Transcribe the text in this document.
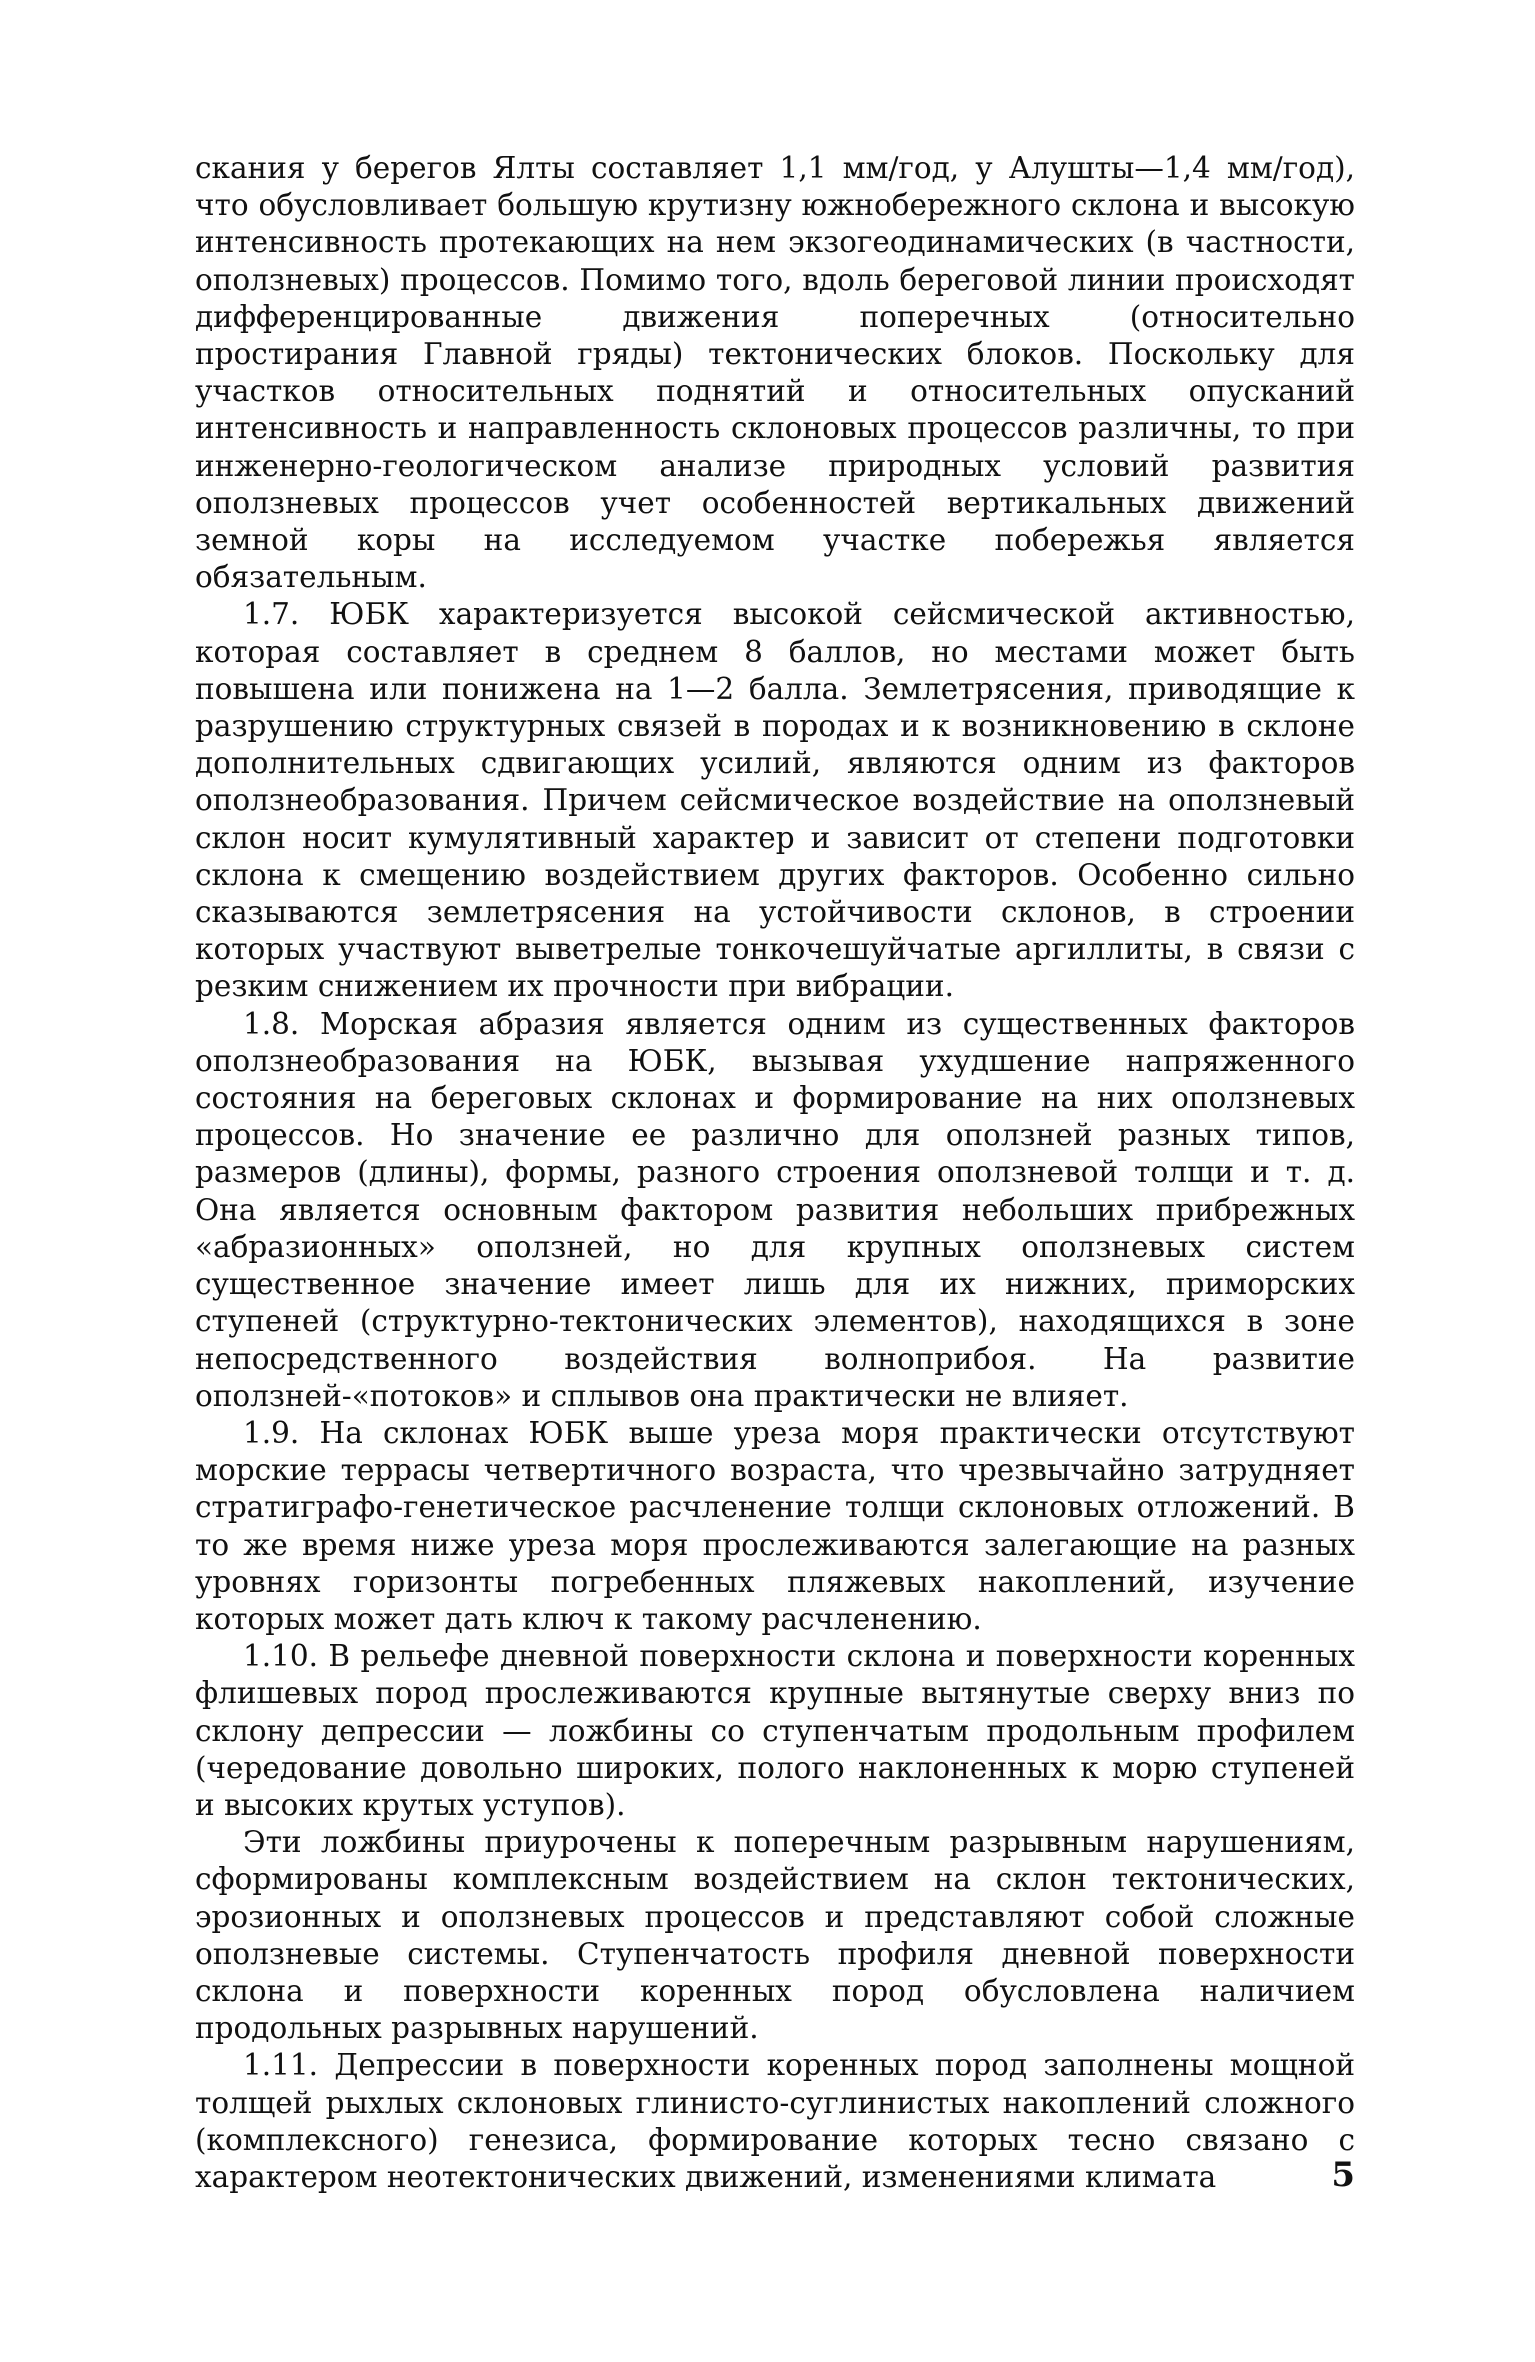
скания у берегов Ялты составляет 1,1 мм/год, у Алушты—1,4 мм/год), что обусловливает большую крутизну южнобережного склона и высокую интенсивность протекающих на нем экзогеодинамических (в частности, оползневых) процессов. Помимо того, вдоль береговой линии происходят дифференцированные движения поперечных (относительно простирания Главной гряды) тектонических блоков. Поскольку для участков относительных поднятий и относительных опусканий интенсивность и направленность склоновых процессов различны, то при инженерно-геологическом анализе природных условий развития оползневых процессов учет особенностей вертикальных движений земной коры на исследуемом участке побережья является обязательным.

1.7. ЮБК характеризуется высокой сейсмической активностью, которая составляет в среднем 8 баллов, но местами может быть повышена или понижена на 1—2 балла. Землетрясения, приводящие к разрушению структурных связей в породах и к возникновению в склоне дополнительных сдвигающих усилий, являются одним из факторов оползнеобразования. Причем сейсмическое воздействие на оползневый склон носит кумулятивный характер и зависит от степени подготовки склона к смещению воздействием других факторов. Особенно сильно сказываются землетрясения на устойчивости склонов, в строении которых участвуют выветрелые тонкочешуйчатые аргиллиты, в связи с резким снижением их прочности при вибрации.

1.8. Морская абразия является одним из существенных факторов оползнеобразования на ЮБК, вызывая ухудшение напряженного состояния на береговых склонах и формирование на них оползневых процессов. Но значение ее различно для оползней разных типов, размеров (длины), формы, разного строения оползневой толщи и т. д. Она является основным фактором развития небольших прибрежных «абразионных» оползней, но для крупных оползневых систем существенное значение имеет лишь для их нижних, приморских ступеней (структурно-тектонических элементов), находящихся в зоне непосредственного воздействия волноприбоя. На развитие оползней-«потоков» и сплывов она практически не влияет.

1.9. На склонах ЮБК выше уреза моря практически отсутствуют морские террасы четвертичного возраста, что чрезвычайно затрудняет стратиграфо-генетическое расчленение толщи склоновых отложений. В то же время ниже уреза моря прослеживаются залегающие на разных уровнях горизонты погребенных пляжевых накоплений, изучение которых может дать ключ к такому расчленению.

1.10. В рельефе дневной поверхности склона и поверхности коренных флишевых пород прослеживаются крупные вытянутые сверху вниз по склону депрессии — ложбины со ступенчатым продольным профилем (чередование довольно широких, полого наклоненных к морю ступеней и высоких крутых уступов).

Эти ложбины приурочены к поперечным разрывным нарушениям, сформированы комплексным воздействием на склон тектонических, эрозионных и оползневых процессов и представляют собой сложные оползневые системы. Ступенчатость профиля дневной поверхности склона и поверхности коренных пород обусловлена наличием продольных разрывных нарушений.

1.11. Депрессии в поверхности коренных пород заполнены мощной толщей рыхлых склоновых глинисто-суглинистых накоплений сложного (комплексного) генезиса, формирование которых тесно связано с характером неотектонических движений, изменениями климата	5
